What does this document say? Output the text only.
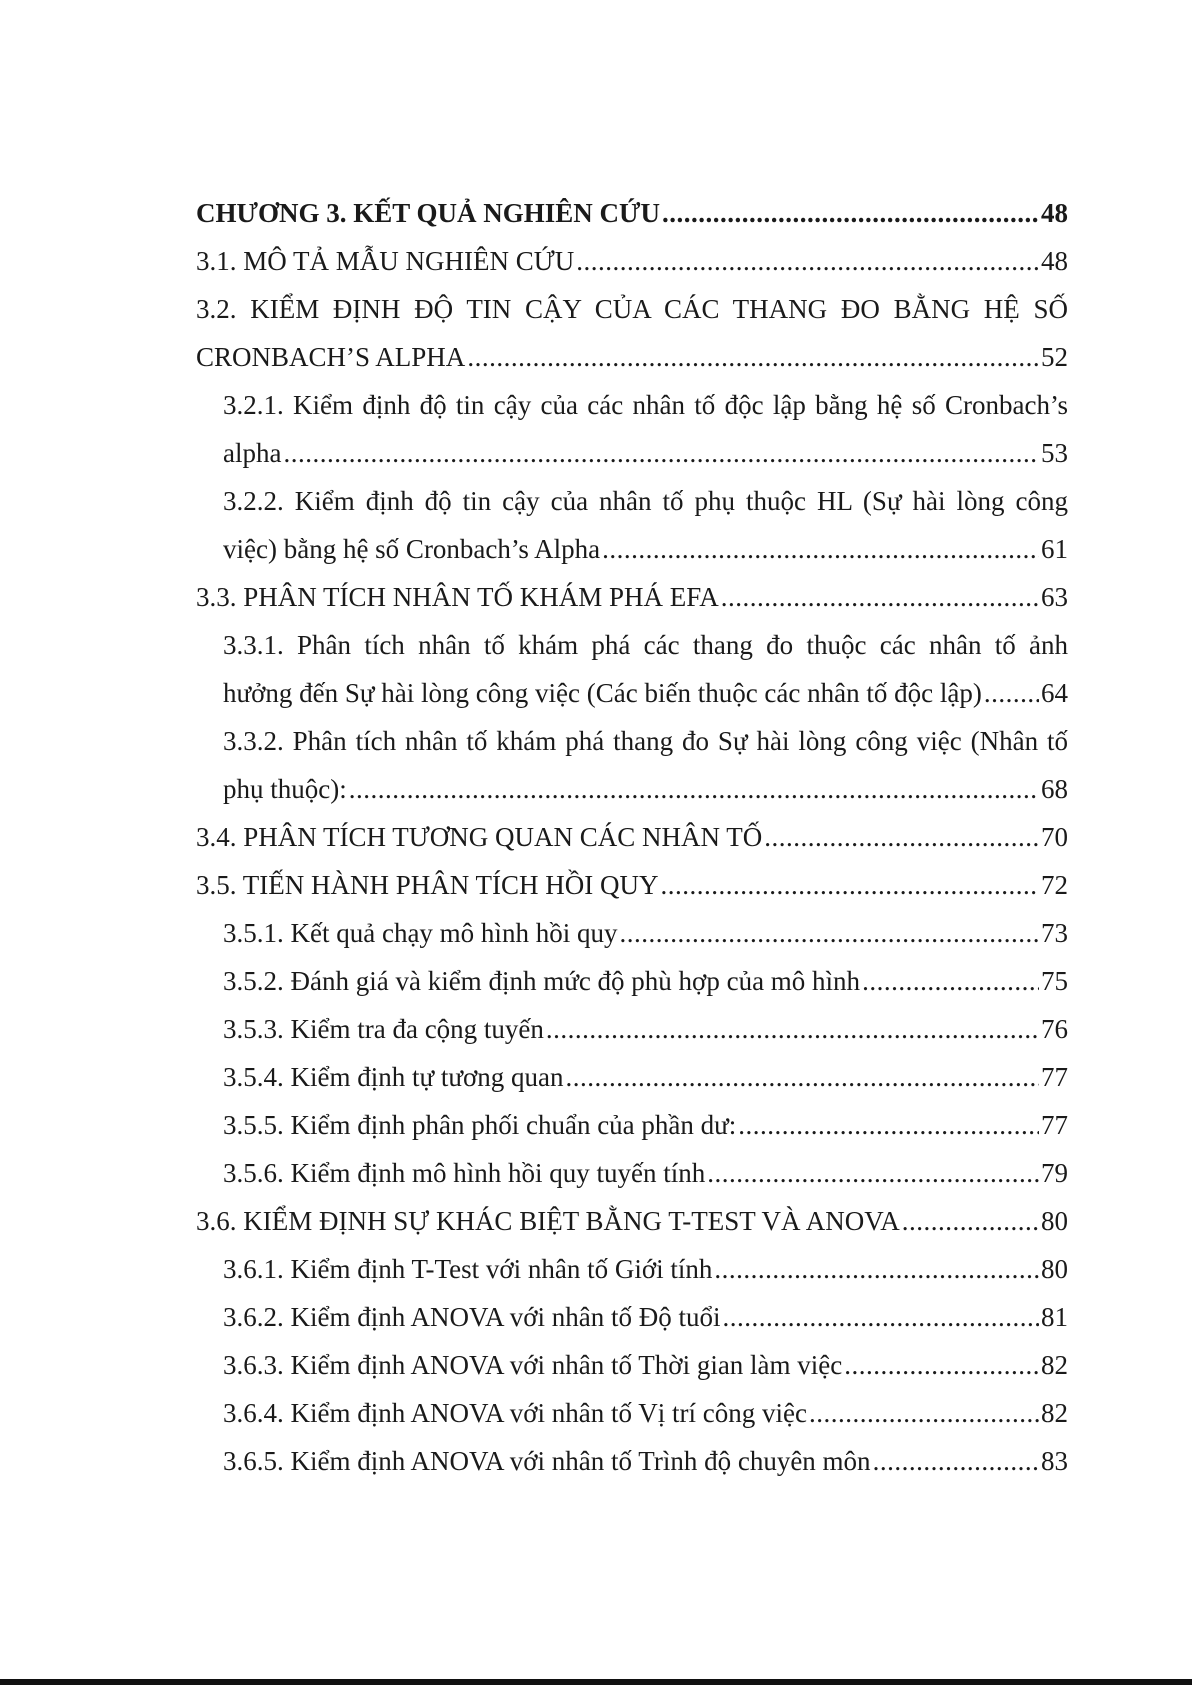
CHƯƠNG 3. KẾT QUẢ NGHIÊN CỨU .....	48
3.1. MÔ TẢ MẪU NGHIÊN CỨU .....	48
3.2. KIỂM ĐỊNH ĐỘ TIN CẬY CỦA CÁC THANG ĐO BẰNG HỆ SỐ
CRONBACH’S ALPHA .....	52
3.2.1. Kiểm định độ tin cậy của các nhân tố độc lập bằng hệ số Cronbach’s
alpha .....	53
3.2.2. Kiểm định độ tin cậy của nhân tố phụ thuộc HL (Sự hài lòng công
việc) bằng hệ số Cronbach’s Alpha .....	61
3.3. PHÂN TÍCH NHÂN TỐ KHÁM PHÁ EFA .....	63
3.3.1. Phân tích nhân tố khám phá các thang đo thuộc các nhân tố ảnh
hưởng đến Sự hài lòng công việc (Các biến thuộc các nhân tố độc lập) ..... 64
3.3.2. Phân tích nhân tố khám phá thang đo Sự hài lòng công việc (Nhân tố
phụ thuộc): .....	68
3.4. PHÂN TÍCH TƯƠNG QUAN CÁC NHÂN TỐ .....	70
3.5. TIẾN HÀNH PHÂN TÍCH HỒI QUY .....	72
3.5.1. Kết quả chạy mô hình hồi quy .....	73
3.5.2. Đánh giá và kiểm định mức độ phù hợp của mô hình .....	75
3.5.3. Kiểm tra đa cộng tuyến .....	76
3.5.4. Kiểm định tự tương quan .....	77
3.5.5. Kiểm định phân phối chuẩn của phần dư: .....	77
3.5.6. Kiểm định mô hình hồi quy tuyến tính .....	79
3.6. KIỂM ĐỊNH SỰ KHÁC BIỆT BẰNG T-TEST VÀ ANOVA .....	80
3.6.1. Kiểm định T-Test với nhân tố Giới tính .....	80
3.6.2. Kiểm định ANOVA với nhân tố Độ tuổi .....	81
3.6.3. Kiểm định ANOVA với nhân tố Thời gian làm việc .....	82
3.6.4. Kiểm định ANOVA với nhân tố Vị trí công việc .....	82
3.6.5. Kiểm định ANOVA với nhân tố Trình độ chuyên môn .....	83
